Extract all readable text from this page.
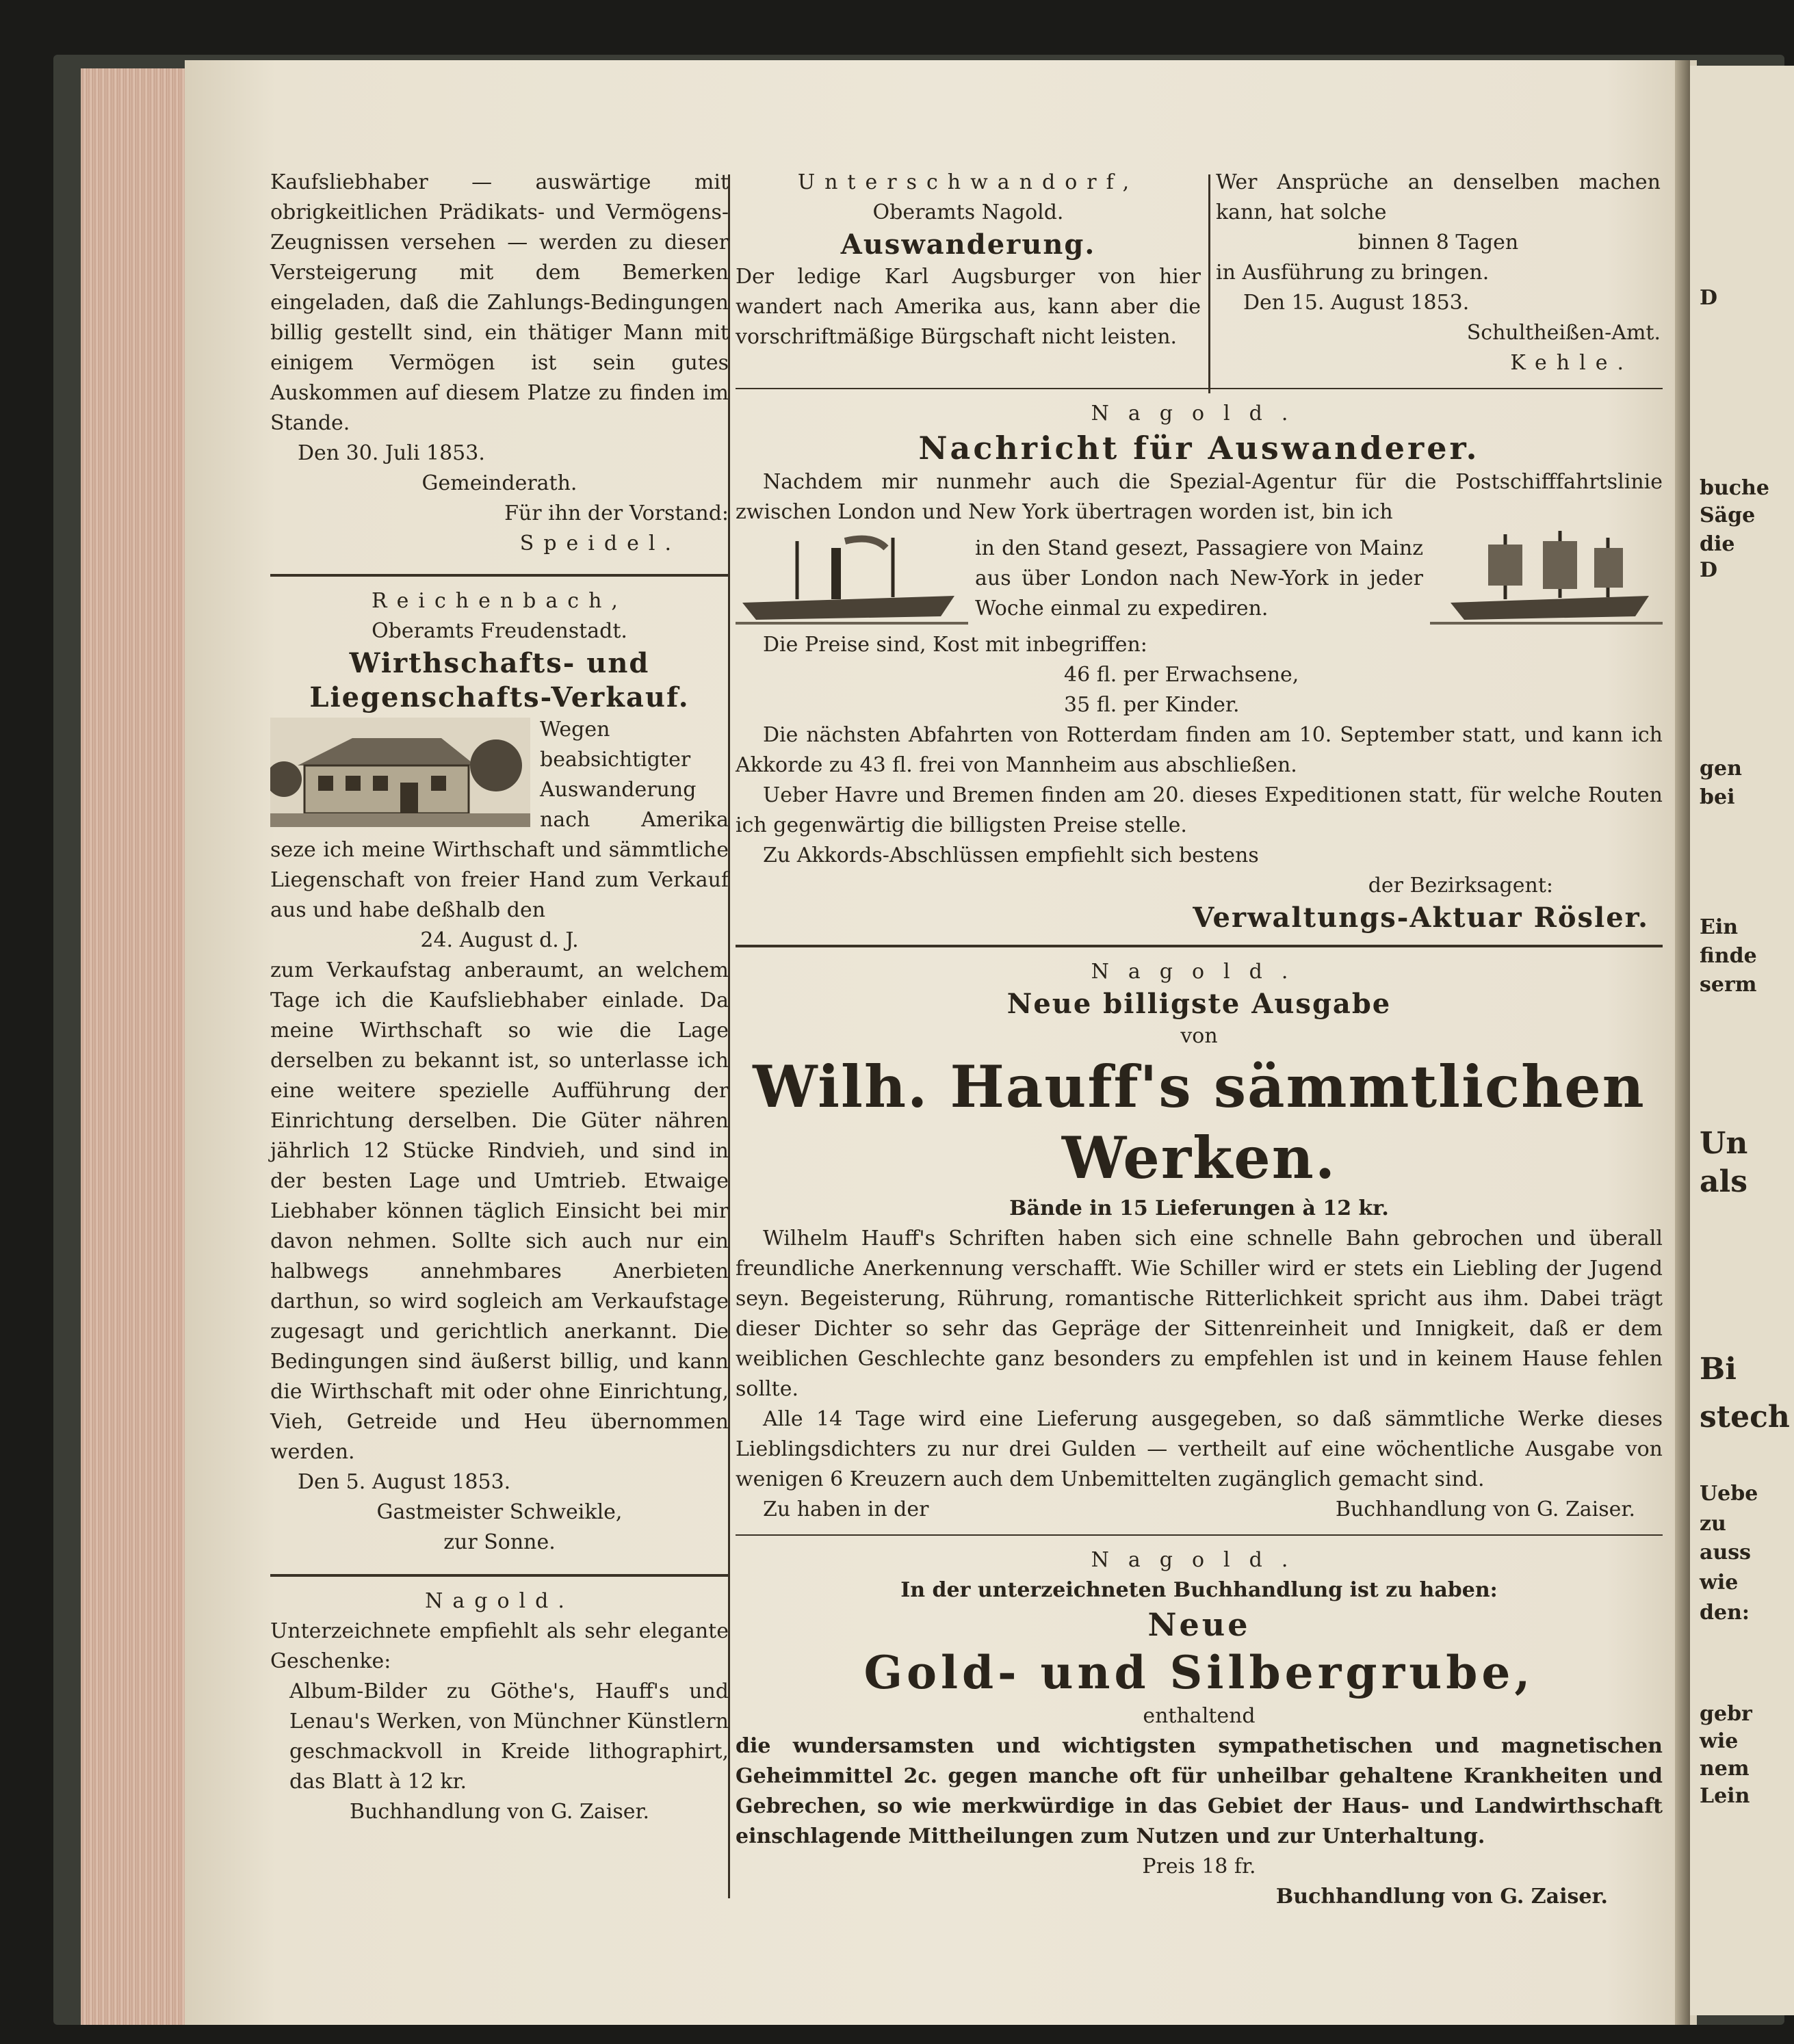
D
buche
Säge
die
D
gen
bei
Ein
finde
serm
Un
als
Bi
stech
Uebe
zu
auss
wie
den:
gebr
wie
nem
Lein

Kaufsliebhaber — auswärtige mit obrigkeitlichen Prädikats- und Vermögens-Zeugnissen versehen — werden zu dieser Versteigerung mit dem Bemerken eingeladen, daß die Zahlungs-Bedingungen billig gestellt sind, ein thätiger Mann mit einigem Vermögen ist sein gutes Auskommen auf diesem Platze zu finden im Stande.

Den 30. Juli 1853.

Gemeinderath.

Für ihn der Vorstand:

Speidel.

Reichenbach,

Oberamts Freudenstadt.

Wirthschafts- und Liegenschafts-Verkauf.

Wegen beabsichtigter Auswanderung nach Amerika seze ich meine Wirthschaft und sämmtliche Liegenschaft von freier Hand zum Verkauf aus und habe deßhalb den

24. August d. J.

zum Verkaufstag anberaumt, an welchem Tage ich die Kaufsliebhaber einlade. Da meine Wirthschaft so wie die Lage derselben zu bekannt ist, so unterlasse ich eine weitere spezielle Aufführung der Einrichtung derselben. Die Güter nähren jährlich 12 Stücke Rindvieh, und sind in der besten Lage und Umtrieb. Etwaige Liebhaber können täglich Einsicht bei mir davon nehmen. Sollte sich auch nur ein halbwegs annehmbares Anerbieten darthun, so wird sogleich am Verkaufstage zugesagt und gerichtlich anerkannt. Die Bedingungen sind äußerst billig, und kann die Wirthschaft mit oder ohne Einrichtung, Vieh, Getreide und Heu übernommen werden.

Den 5. August 1853.

Gastmeister Schweikle,

zur Sonne.

Nagold.

Unterzeichnete empfiehlt als sehr elegante Geschenke:

Album-Bilder zu Göthe's, Hauff's und Lenau's Werken, von Münchner Künstlern geschmackvoll in Kreide lithographirt, das Blatt à 12 kr.

Buchhandlung von G. Zaiser.

Unterschwandorf,

Oberamts Nagold.

Auswanderung.

Der ledige Karl Augsburger von hier wandert nach Amerika aus, kann aber die vorschriftmäßige Bürgschaft nicht leisten.

Wer Ansprüche an denselben machen kann, hat solche

binnen 8 Tagen

in Ausführung zu bringen.

Den 15. August 1853.

Schultheißen-Amt.

Kehle.

Nagold.

Nachricht für Auswanderer.

Nachdem mir nunmehr auch die Spezial-Agentur für die Postschifffahrtslinie zwischen London und New York übertragen worden ist, bin ich

in den Stand gesezt, Passagiere von Mainz aus über London nach New-York in jeder Woche einmal zu expediren.

Die Preise sind, Kost mit inbegriffen:

46 fl. per Erwachsene,

35 fl. per Kinder.

Die nächsten Abfahrten von Rotterdam finden am 10. September statt, und kann ich Akkorde zu 43 fl. frei von Mannheim aus abschließen.

Ueber Havre und Bremen finden am 20. dieses Expeditionen statt, für welche Routen ich gegenwärtig die billigsten Preise stelle.

Zu Akkords-Abschlüssen empfiehlt sich bestens

der Bezirksagent:

Verwaltungs-Aktuar Rösler.

Nagold.

Neue billigste Ausgabe

von

Wilh. Hauff's sämmtlichen Werken.

Bände in 15 Lieferungen à 12 kr.

Wilhelm Hauff's Schriften haben sich eine schnelle Bahn gebrochen und überall freundliche Anerkennung verschafft. Wie Schiller wird er stets ein Liebling der Jugend seyn. Begeisterung, Rührung, romantische Ritterlichkeit spricht aus ihm. Dabei trägt dieser Dichter so sehr das Gepräge der Sittenreinheit und Innigkeit, daß er dem weiblichen Geschlechte ganz besonders zu empfehlen ist und in keinem Hause fehlen sollte.

Alle 14 Tage wird eine Lieferung ausgegeben, so daß sämmtliche Werke dieses Lieblingsdichters zu nur drei Gulden — vertheilt auf eine wöchentliche Ausgabe von wenigen 6 Kreuzern auch dem Unbemittelten zugänglich gemacht sind.

Zu haben in der	Buchhandlung von G. Zaiser.

Nagold.

In der unterzeichneten Buchhandlung ist zu haben:

Neue

Gold- und Silbergrube,

enthaltend

die wundersamsten und wichtigsten sympathetischen und magnetischen Geheimmittel 2c. gegen manche oft für unheilbar gehaltene Krankheiten und Gebrechen, so wie merkwürdige in das Gebiet der Haus- und Landwirthschaft einschlagende Mittheilungen zum Nutzen und zur Unterhaltung.

Preis 18 fr.

Buchhandlung von G. Zaiser.
